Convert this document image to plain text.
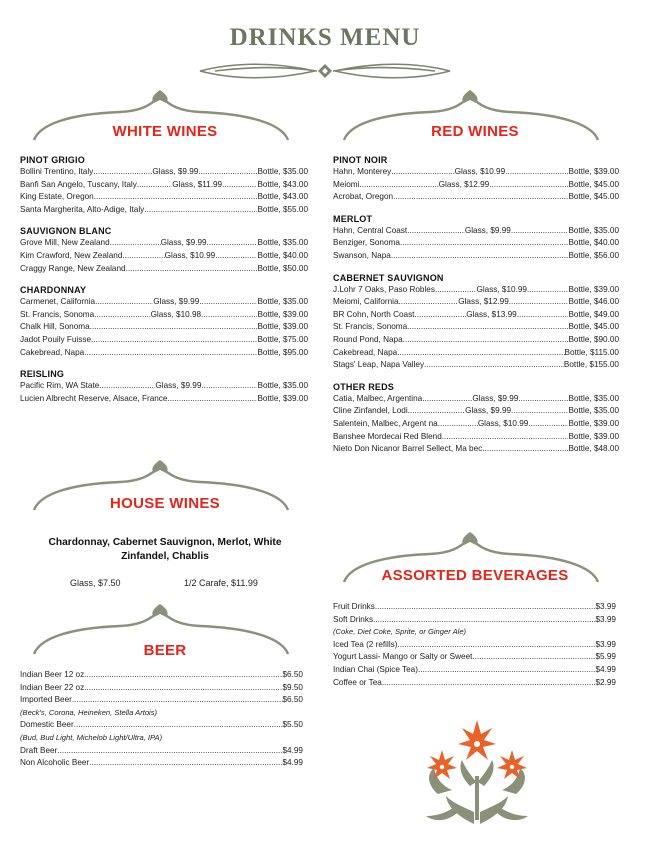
DRINKS MENU
WHITE WINES	RED WINES
HOUSE WINES
BEER
ASSORTED BEVERAGES
PINOT GRIGIO
Bollini Trentino, Italy .....	Glass, $9.99 .....	Bottle, $35.00
Banfi San Angelo, Tuscany, Italy .....	Glass, $11.99 .....	Bottle, $43.00
King Estate, Oregon .....	Bottle, $43.00
Santa Margherita, Alto-Adige, Italy .....	Bottle, $55.00
SAUVIGNON BLANC
Grove Mill, New Zealand .....	Glass, $9.99 .....	Bottle, $35.00
Kim Crawford, New Zealand .....	Glass, $10.99 .....	Bottle, $40.00
Craggy Range, New Zealand .....	Bottle, $50.00
CHARDONNAY
Carmenet, California .....	Glass, $9.99 .....	Bottle, $35.00
St. Francis, Sonoma .....	Glass, $10.98 .....	Bottle, $39.00
Chalk Hill, Sonoma .....	Bottle, $39.00
Jadot Pouily Fuisse .....	Bottle, $75.00
Cakebread, Napa .....	Bottle, $95.00
REISLING
Pacific Rim, WA State .....	Glass, $9.99 .....	Bottle, $35.00
Lucien Albrecht Reserve, Alsace, France .....	Bottle, $39.00
PINOT NOIR
Hahn, Monterey .....	Glass, $10.99 .....	Bottle, $39.00
Meiomi .....	Glass, $12.99 .....	Bottle, $45.00
Acrobat, Oregon .....	Bottle, $45.00
MERLOT
Hahn, Central Coast .....	Glass, $9.99 .....	Bottle, $35.00
Benziger, Sonoma .....	Bottle, $40.00
Swanson, Napa .....	Bottle, $56.00
CABERNET SAUVIGNON
J.Lohr 7 Oaks, Paso Robles .....	Glass, $10.99 .....	Bottle, $39.00
Meiomi, California .....	Glass, $12.99 .....	Bottle, $46.00
BR Cohn, North Coast .....	Glass, $13.99 .....	Bottle, $49.00
St. Francis, Sonoma .....	Bottle, $45.00
Round Pond, Napa .....	Bottle, $90.00
Cakebread, Napa .....	Bottle, $115.00
Stags' Leap, Napa Valley .....	Bottle, $155.00
OTHER REDS
Catia, Malbec, Argentina .....	Glass, $9.99 .....	Bottle, $35.00
Cline Zinfandel, Lodi .....	Glass, $9.99 .....	Bottle, $35.00
Salentein, Malbec, Argent na .....	Glass, $10.99 .....	Bottle, $39.00
Banshee Mordecai Red Blend .....	Bottle, $39.00
Nieto Don Nicanor Barrel Sellect, Ma bec .....	Bottle, $48.00
Chardonnay, Cabernet Sauvignon, Merlot, White Zinfandel, Chablis
Glass, $7.50	1/2 Carafe, $11.99
Indian Beer 12 oz. .....	$6.50
Indian Beer 22 oz. .....	$9.50
Imported Beer .....	$6.50
(Beck's, Corona, Heineken, Stella Artois)
Domestic Beer .....	$5.50
(Bud, Bud Light, Michelob Light/Ultra, IPA)
Draft Beer .....	$4.99
Non Alcoholic Beer .....	$4.99
Fruit Drinks .....	$3.99
Soft Drinks .....	$3.99
(Coke, Diet Coke, Sprite, or Ginger Ale)
Iced Tea (2 refills) .....	$3.99
Yogurt Lassi- Mango or Salty or Sweet .....	$5.99
Indian Chai (Spice Tea) .....	$4.99
Coffee or Tea .....	$2.99
